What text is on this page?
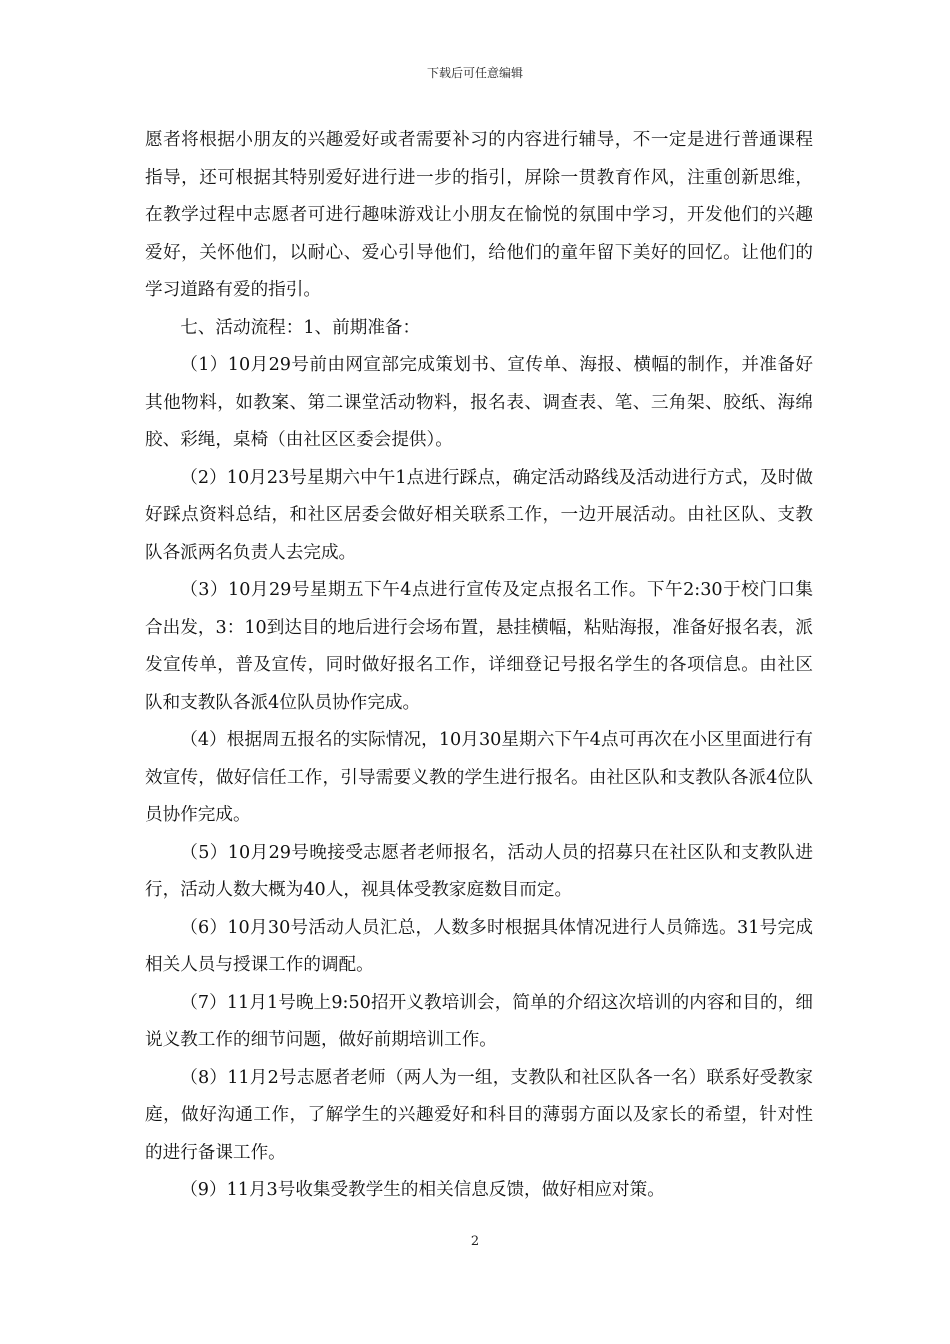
下载后可任意编辑

愿者将根据小朋友的兴趣爱好或者需要补习的内容进行辅导，不一定是进行普通课程指导，还可根据其特别爱好进行进一步的指引，屏除一贯教育作风，注重创新思维，在教学过程中志愿者可进行趣味游戏让小朋友在愉悦的氛围中学习，开发他们的兴趣爱好，关怀他们，以耐心、爱心引导他们，给他们的童年留下美好的回忆。让他们的学习道路有爱的指引。

七、活动流程：1、前期准备：

（1）10月29号前由网宣部完成策划书、宣传单、海报、横幅的制作，并准备好其他物料，如教案、第二课堂活动物料，报名表、调查表、笔、三角架、胶纸、海绵胶、彩绳，桌椅（由社区区委会提供）。

（2）10月23号星期六中午1点进行踩点，确定活动路线及活动进行方式，及时做好踩点资料总结，和社区居委会做好相关联系工作，一边开展活动。由社区队、支教队各派两名负责人去完成。

（3）10月29号星期五下午4点进行宣传及定点报名工作。下午2:30于校门口集合出发，3：10到达目的地后进行会场布置，悬挂横幅，粘贴海报，准备好报名表，派发宣传单，普及宣传，同时做好报名工作，详细登记号报名学生的各项信息。由社区队和支教队各派4位队员协作完成。

（4）根据周五报名的实际情况，10月30星期六下午4点可再次在小区里面进行有效宣传，做好信任工作，引导需要义教的学生进行报名。由社区队和支教队各派4位队员协作完成。

（5）10月29号晚接受志愿者老师报名，活动人员的招募只在社区队和支教队进行，活动人数大概为40人，视具体受教家庭数目而定。

（6）10月30号活动人员汇总，人数多时根据具体情况进行人员筛选。31号完成相关人员与授课工作的调配。

（7）11月1号晚上9:50招开义教培训会，简单的介绍这次培训的内容和目的，细说义教工作的细节问题，做好前期培训工作。

（8）11月2号志愿者老师（两人为一组，支教队和社区队各一名）联系好受教家庭，做好沟通工作，了解学生的兴趣爱好和科目的薄弱方面以及家长的希望，针对性的进行备课工作。

（9）11月3号收集受教学生的相关信息反馈，做好相应对策。

2
